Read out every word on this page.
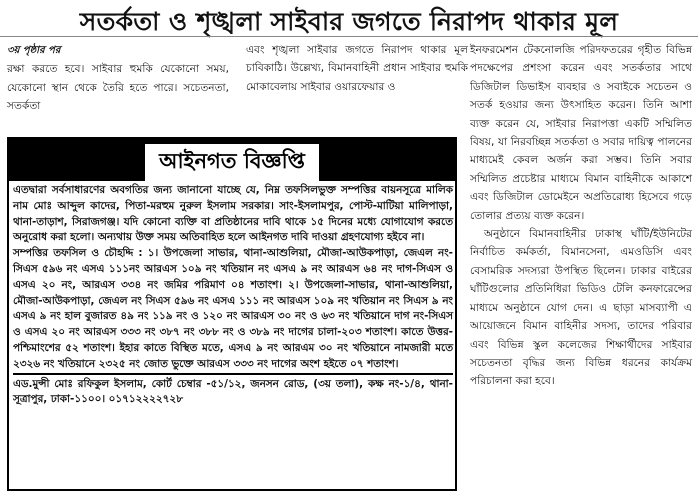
সতর্কতা ও শৃঙ্খলা সাইবার জগতে নিরাপদ থাকার মূল

৩য় পৃষ্ঠার পর

রক্ষা করতে হবে। সাইবার হুমকি যেকোনো সময়, যেকোনো স্থান থেকে তৈরি হতে পারে। সচেতনতা, সতর্কতা

এবং শৃঙ্খলা সাইবার জগতে নিরাপদ থাকার মূল চাবিকাঠি। উল্লেখ্য, বিমানবাহিনী প্রধান সাইবার হুমকি মোকাবেলায় সাইবার ওয়ারফেয়ার ও

ইনফরমেশন টেকনোলজি পরিদফতরের গৃহীত বিভিন্ন পদক্ষেপের প্রশংসা করেন এবং সতর্কতার সাথে ডিজিটাল ডিভাইস ব্যবহার ও সবাইকে সচেতন ও সতর্ক হওয়ার জন্য উৎসাহিত করেন। তিনি আশা ব্যক্ত করেন যে, সাইবার নিরাপত্তা একটি সম্মিলিত বিষয়, যা নিরবচ্ছিন্ন সতর্কতা ও সবার দায়িত্ব পালনের মাধ্যমেই কেবল অর্জন করা সম্ভব। তিনি সবার সম্মিলিত প্রচেষ্টার মাধ্যমে বিমান বাহিনীকে আকাশে এবং ডিজিটাল ডোমেইনে অপ্রতিরোধ্য হিসেবে গড়ে তোলার প্রত্যয় ব্যক্ত করেন।

অনুষ্ঠানে বিমানবাহিনীর ঢাকাস্থ ঘাঁটি/ইউনিটের নির্বাচিত কর্মকর্তা, বিমানসেনা, এমওডিসি এবং বেসামরিক সদস্যরা উপস্থিত ছিলেন। ঢাকার বাইরের ঘাঁটিগুলোর প্রতিনিধিরা ভিডিও টেলি কনফারেন্সের মাধ্যমে অনুষ্ঠানে যোগ দেন। এ ছাড়া মাসব্যাপী এ আয়োজনে বিমান বাহিনীর সদস্য, তাদের পরিবার এবং বিভিন্ন স্কুল কলেজের শিক্ষার্থীদের সাইবার সচেতনতা বৃদ্ধির জন্য বিভিন্ন ধরনের কার্যক্রম পরিচালনা করা হবে।

আইনগত বিজ্ঞপ্তি

এতদ্বারা সর্বসাধারণের অবগতির জন্য জানানো যাচ্ছে যে, নিম্ন তফসিলভুক্ত সম্পত্তির বায়নসূত্রে মালিক নাম মোঃ আব্দুল কাদের, পিতা-মরহুম নুরুল ইসলাম সরকার। সাং-ইসলামপুর, পোস্ট-মাটিয়া মালিপাড়া, থানা-তাড়াশ, সিরাজগঞ্জ। যদি কোনো ব্যক্তি বা প্রতিষ্ঠানের দাবি থাকে ১৫ দিনের মধ্যে যোগাযোগ করতে অনুরোধ করা হলো। অন্যথায় উক্ত সময় অতিবাহিত হলে আইনগত দাবি দাওয়া গ্রহণযোগ্য হইবে না।

সম্পত্তির তফসিল ও চৌহদ্দি : ১। উপজেলা সাভার, থানা-আশুলিয়া, মৌজা-আউকপাড়া, জেএল নং-সিএস ৫৯৬ নং এসএ ১১১নং আরএস ১০৯ নং খতিয়ান নং এসএ ৯ নং আরএস ৬৪ নং দাগ-সিএস ও এসএ ২০ নং, আরএস ৩৩৪ নং জমির পরিমাণ ০৪ শতাংশ। ২। উপজেলা-সাভার, থানা-আশুলিয়া, মৌজা-আউকপাড়া, জেএল নং সিএস ৫৯৬ নং এসএ ১১১ নং আরএস ১০৯ নং খতিয়ান নং সিএস ৯ নং এসএ ৯ নং হাল বুজারত ৪৯ নং ১১৯ নং ও ১২০ নং আরএস ৩০ নং ও ৬৩ নং খতিয়ানে দাগ নং-সিএস ও এসএ ২০ নং আরএস ৩৩৩ নং ৩৮৭ নং ৩৮৮ নং ও ৩৮৯ নং দাগের চালা-২০৩ শতাংশ। কাতে উত্তর-পশ্চিমাংশের ৫২ শতাংশ। ইহার কাতে বিস্থিত মতে, এসএ ৯ নং আরএম ৩০ নং খতিয়ানে নামজারী মতে ২৩২৬ নং খতিয়ানে ২৩২৫ নং জোত ভুক্তে আরএস ৩৩৩ নং দাগের অংশ হইতে ০৭ শতাংশ।

এড.মুন্সী মোঃ রফিকুল ইসলাম, কোর্ট চেম্বার -৫১/১২, জনসন রোড, (৩য় তলা), কক্ষ নং-১/৪, থানা-সূত্রাপুর, ঢাকা-১১০০। ০১৭১২২২২৭২৮
